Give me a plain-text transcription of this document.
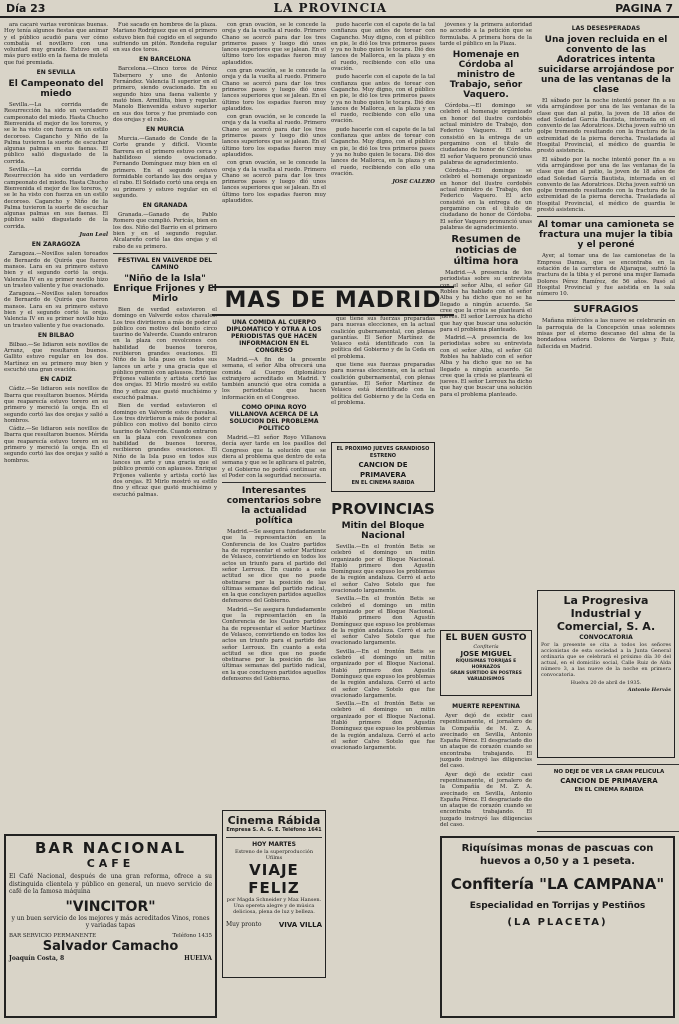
Día 23	LA PROVINCIA	PAGINA 7

ara cacaré varias verónicas buenas. Hoy tenía algunos fiestas que animar y el público acudió para ver cómo combatía el novillero con una voluntad muy grande. Estuvo en el más puro estilo en la faena de muleta que fué premiada.

EN SEVILLA
El Campeonato del miedo

Sevilla.—La corrida de Resurrección ha sido un verdadero campeonato del miedo. Hasta Chucho Bienvenida el mejor de los toreros, y se le ha visto con fuerza en un estilo decoroso. Cagancho y Niño de la Palma tuvieron la suerte de escuchar algunas palmas en sus faenas. El público salió disgustado de la corrida.

Sevilla.—La corrida de Resurrección ha sido un verdadero campeonato del miedo. Hasta Chucho Bienvenida el mejor de los toreros, y se le ha visto con fuerza en un estilo decoroso. Cagancho y Niño de la Palma tuvieron la suerte de escuchar algunas palmas en sus faenas. El público salió disgustado de la corrida.

Juan Leal
EN ZARAGOZA

Zaragoza.—Novillos salen toreados de Bernardo de Quirós que fueron mansos. Lara en su primero estuvo bien y el segundo cortó la oreja. Valencia IV en su primer novillo hizo un trasteo valiente y fue ovacionado.

Zaragoza.—Novillos salen toreados de Bernardo de Quirós que fueron mansos. Lara en su primero estuvo bien y el segundo cortó la oreja. Valencia IV en su primer novillo hizo un trasteo valiente y fue ovacionado.

EN BILBAO

Bilbao.—Se lidiaron seis novillos de Arranz, que resultaron buenos. Gallito estuvo regular en los dos. Martínez en su primero muy bien y escuchó una gran ovación.

EN CADIZ

Cádiz.—Se lidiaron seis novillos de Ibarra que resultaron buenos. Mérida que reaparecía estuvo torero en su primero y mereció la oreja. En el segundo cortó las dos orejas y salió a hombros.

Cádiz.—Se lidiaron seis novillos de Ibarra que resultaron buenos. Mérida que reaparecía estuvo torero en su primero y mereció la oreja. En el segundo cortó las dos orejas y salió a hombros.

Fué sacado en hombros de la plaza. Mariano Rodríguez que en el primero estuvo bien fué cogido en el segundo sufriendo un pitón. Rondeña regular en sus dos toros.

EN BARCELONA

Barcelona.—Cinco toros de Pérez Tabernero y uno de Antonio Fernández. Valencia II superior en el primero, siendo ovacionado. En su segundo hizo una faena valiente y mató bien. Armillita, bien y regular. Manolo Bienvenida estuvo superior en sus dos toros y fue premiado con dos orejas y el rabo.

EN MURCIA

Murcia.—Ganado de Conde de la Corte grande y difícil. Vicente Barrera en el primero estuvo cerca y habilidoso siendo ovacionado. Fernando Domínguez muy bien en el primero. En el segundo estuvo formidable cortando las dos orejas y el rabo. El Soldado cortó una oreja en su primero y estuvo regular en el segundo.

EN GRANADA

Granada.—Ganado de Pablo Romero que cumplió. Pericás, bien en los dos. Niño del Barrio en el primero bien y en el segundo regular. Alcalareño cortó las dos orejas y el rabo de su primero.

FESTIVAL EN VALVERDE DEL CAMINO
"Niño de la Isla" Enrique Frijones y El Mirlo

Bien de verdad estuvieron el domingo en Valverde estos chavales. Los tres divirtieron a más de poder al público con motivo del bonito circo taurino de Valverde. Cuando entraron en la plaza con revolcones con habilidad de buenos toreros, recibieron grandes ovaciones. El Niño de la Isla puso en todos sus lances un arte y una gracia que el público premió con aplausos. Enrique Frijones valiente y artista cortó las dos orejas. El Mirlo mostró su estilo fino y eficaz que gustó muchísimo y escuchó palmas.

Bien de verdad estuvieron el domingo en Valverde estos chavales. Los tres divirtieron a más de poder al público con motivo del bonito circo taurino de Valverde. Cuando entraron en la plaza con revolcones con habilidad de buenos toreros, recibieron grandes ovaciones. El Niño de la Isla puso en todos sus lances un arte y una gracia que el público premió con aplausos. Enrique Frijones valiente y artista cortó las dos orejas. El Mirlo mostró su estilo fino y eficaz que gustó muchísimo y escuchó palmas.

con gran ovación, se le concede la oreja y da la vuelta al ruedo. Primero Chano se acercó para dar los tres primeros pases y luego dió unos lances superiores que se jalean. En el último toro los espadas fueron muy aplaudidos.

con gran ovación, se le concede la oreja y da la vuelta al ruedo. Primero Chano se acercó para dar los tres primeros pases y luego dió unos lances superiores que se jalean. En el último toro los espadas fueron muy aplaudidos.

con gran ovación, se le concede la oreja y da la vuelta al ruedo. Primero Chano se acercó para dar los tres primeros pases y luego dió unos lances superiores que se jalean. En el último toro los espadas fueron muy aplaudidos.

con gran ovación, se le concede la oreja y da la vuelta al ruedo. Primero Chano se acercó para dar los tres primeros pases y luego dió unos lances superiores que se jalean. En el último toro los espadas fueron muy aplaudidos.

pudo hacerle con el capote de la tal confianza que antes de torear con Cagancho. Muy digno, con el público en pie, le dió los tres primeros pases y ya no hubo quien le tocara. Dió dos lances de Mallorca, en la plaza y en el ruedo, recibiendo con ello una ovación.

pudo hacerle con el capote de la tal confianza que antes de torear con Cagancho. Muy digno, con el público en pie, le dió los tres primeros pases y ya no hubo quien le tocara. Dió dos lances de Mallorca, en la plaza y en el ruedo, recibiendo con ello una ovación.

pudo hacerle con el capote de la tal confianza que antes de torear con Cagancho. Muy digno, con el público en pie, le dió los tres primeros pases y ya no hubo quien le tocara. Dió dos lances de Mallorca, en la plaza y en el ruedo, recibiendo con ello una ovación.

JOSE CALERO
MAS DE MADRID
UNA COMIDA AL CUERPO DIPLOMATICO Y OTRA A LOS PERIODISTAS QUE HACEN INFORMACION EN EL CONGRESO

Madrid.—A fin de la presente semana, el señor Alba ofrecerá una comida al Cuerpo diplomático extranjero acreditado en Madrid. Y también anunció que otra comida a los periodistas que hacen información en el Congreso.

COMO OPINA ROYO VILLANOVA ACERCA DE LA SOLUCION DEL PROBLEMA POLITICO

Madrid.—El señor Royo Villanova decía ayer tarde en los pasillos del Congreso que la solución que se diera al problema que dentro de esta semana y que se le aplicara el patrón, y el Gobierno no podrá continuar en el Poder con la seguridad necesaria.

Interesantes comentarios sobre la actualidad política

Madrid.—Se asegura fundadamente que la representación en la Conferencia de los Cuatro partidos ha de representar el señor Martínez de Velasco, convirtiendo en todos los actos un triunfo para el partido del señor Lerroux. En cuanto a esta actitud se dice que no puede obstinarse por la posición de las últimas semanas del partido radical, en la que concluyen partidos aquellos defensores del Gobierno.

Madrid.—Se asegura fundadamente que la representación en la Conferencia de los Cuatro partidos ha de representar el señor Martínez de Velasco, convirtiendo en todos los actos un triunfo para el partido del señor Lerroux. En cuanto a esta actitud se dice que no puede obstinarse por la posición de las últimas semanas del partido radical, en la que concluyen partidos aquellos defensores del Gobierno.

Cinema Rábida
Empresa S. A. G. E. Teléfono 1641
HOY MARTES
Estreno de la superproducción Ufilms
VIAJE FELIZ
por Magda Schneider y Max Hansen. Una opereta alegre y de música deliciosa, plena de luz y belleza.
Muy pronto VIVA VILLA

que tiene sus fuerzas preparadas para nuevas elecciones, en la actual coalición gubernamental, con plenas garantías. El Señor Martínez de Velasco está identificado con la política del Gobierno y de la Ceda en el problema.

que tiene sus fuerzas preparadas para nuevas elecciones, en la actual coalición gubernamental, con plenas garantías. El Señor Martínez de Velasco está identificado con la política del Gobierno y de la Ceda en el problema.

EL PROXIMO JUEVES GRANDIOSO ESTRENO
CANCION DE PRIMAVERA
EN EL CINEMA RABIDA
PROVINCIAS
Mitin del Bloque Nacional

Sevilla.—En el frontón Betis se celebró el domingo un mitin organizado por el Bloque Nacional. Habló primero don Agustín Domínguez que expuso los problemas de la región andaluza. Cerró el acto el señor Calvo Sotelo que fue ovacionado largamente.

Sevilla.—En el frontón Betis se celebró el domingo un mitin organizado por el Bloque Nacional. Habló primero don Agustín Domínguez que expuso los problemas de la región andaluza. Cerró el acto el señor Calvo Sotelo que fue ovacionado largamente.

Sevilla.—En el frontón Betis se celebró el domingo un mitin organizado por el Bloque Nacional. Habló primero don Agustín Domínguez que expuso los problemas de la región andaluza. Cerró el acto el señor Calvo Sotelo que fue ovacionado largamente.

Sevilla.—En el frontón Betis se celebró el domingo un mitin organizado por el Bloque Nacional. Habló primero don Agustín Domínguez que expuso los problemas de la región andaluza. Cerró el acto el señor Calvo Sotelo que fue ovacionado largamente.

jóvenes y la primera autoridad no accedió a la petición que se formulaba. A primera hora de la tarde el público en la Plaza.

Homenaje en Córdoba al ministro de Trabajo, señor Vaquero.

Córdoba.—El domingo se celebró el homenaje organizado en honor del ilustre cordobés actual ministro de Trabajo, don Federico Vaquero. El acto consistió en la entrega de un pergamino con el título de ciudadano de honor de Córdoba. El señor Vaquero pronunció unas palabras de agradecimiento.

Córdoba.—El domingo se celebró el homenaje organizado en honor del ilustre cordobés actual ministro de Trabajo, don Federico Vaquero. El acto consistió en la entrega de un pergamino con el título de ciudadano de honor de Córdoba. El señor Vaquero pronunció unas palabras de agradecimiento.

Resumen de noticias de última hora

Madrid.—A presencia de los periodistas sobre su entrevista con el señor Alba, el señor Gil Robles ha hablado con el señor Alba y ha dicho que no se ha llegado a ningún acuerdo. Se cree que la crisis se planteará el jueves. El señor Lerroux ha dicho que hay que buscar una solución para el problema planteado.

Madrid.—A presencia de los periodistas sobre su entrevista con el señor Alba, el señor Gil Robles ha hablado con el señor Alba y ha dicho que no se ha llegado a ningún acuerdo. Se cree que la crisis se planteará el jueves. El señor Lerroux ha dicho que hay que buscar una solución para el problema planteado.

EL BUEN GUSTO
Confitería
JOSE MIGUEL
RIQUISIMAS TORRIJAS E HORNAZOS
GRAN SURTIDO EN POSTRES VARIADISIMOS
MUERTE REPENTINA

Ayer dejó de existir casi repentinamente, el jornalero de la Compañía de M. Z. A. avecinado en Sevilla, Antonio España Pérez. El desgraciado dio un ataque de corazón cuando se encontraba trabajando. El juzgado instruyó las diligencias del caso.

Ayer dejó de existir casi repentinamente, el jornalero de la Compañía de M. Z. A. avecinado en Sevilla, Antonio España Pérez. El desgraciado dio un ataque de corazón cuando se encontraba trabajando. El juzgado instruyó las diligencias del caso.

LAS DESESPERADAS
Una joven recluida en el convento de las Adoratrices intenta suicidarse arrojándose por una de las ventanas de la clase

El sábado por la noche intentó poner fin a su vida arrojándose por una de las ventanas de la clase que dan al patio, la joven de 18 años de edad Soledad García Bautista, internada en el convento de las Adoratrices. Dicha joven sufrió un golpe tremendo resultando con la fractura de la extremidad de la pierna derecha. Trasladada al Hospital Provincial, el médico de guardia le prestó asistencia.

El sábado por la noche intentó poner fin a su vida arrojándose por una de las ventanas de la clase que dan al patio, la joven de 18 años de edad Soledad García Bautista, internada en el convento de las Adoratrices. Dicha joven sufrió un golpe tremendo resultando con la fractura de la extremidad de la pierna derecha. Trasladada al Hospital Provincial, el médico de guardia le prestó asistencia.

Al tomar una camioneta se fractura una mujer la tibia y el peroné

Ayer, al tomar una de las camionetas de la Empresa Damas, que se encontraba en la estación de la carretera de Aljaraque, sufrió la fractura de la tibia y el peroné una mujer llamada Dolores Pérez Ramírez, de 56 años. Pasó al Hospital Provincial y fue asistida en la sala número 10.

SUFRAGIOS

Mañana miércoles a las nueve se celebrarán en la parroquia de la Concepción unas solemnes misas por el eterno descanso del alma de la bondadosa señora Dolores de Vargas y Ruiz, fallecida en Madrid.

La Progresiva
Industrial y Comercial, S. A.
CONVOCATORIA
Por la presente se cita a todos los señores accionistas de esta sociedad a la Junta General ordinaria que se celebrará el próximo día 30 del actual, en el domicilio social, Calle Ruiz de Alda número 3, a las nueve de la noche en primera convocatoria.
Huelva 20 de abril de 1935.
Antonio Hervás
NO DEJE DE VER LA GRAN PELICULA
CANCION DE PRIMAVERA
EN EL CINEMA RABIDA
BAR NACIONAL
CAFE
El Café Nacional, después de una gran reforma, ofrece a su distinguida clientela y público en general, un nuevo servicio de café de la famosa máquina
"VINCITOR"
y un buen servicio de los mejores y más acreditados Vinos, rones y variadas tapas
BAR SERVICIO PERMANENTE	Teléfono 1435
Salvador Camacho
Joaquín Costa, 8	HUELVA
Riquísimas monas de pascuas con huevos a 0,50 y a 1 peseta.
Confitería "LA CAMPANA"
Especialidad en Torrijas y Pestiños
(LA PLACETA)
